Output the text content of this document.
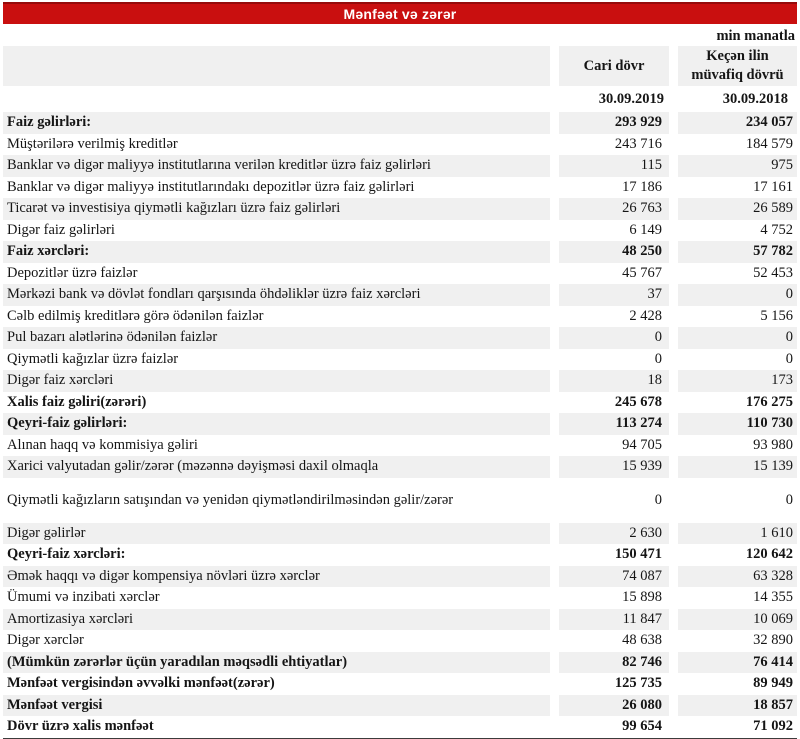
Mənfəət və zərər
min manatla
Cari dövr
Keçən ilin müvafiq dövrü
30.09.2019	30.09.2018
Faiz gəlirləri:	293 929	234 057
Müştərilərə verilmiş kreditlər	243 716	184 579
Banklar və digər maliyyə institutlarına verilən kreditlər üzrə faiz gəlirləri	115	975
Banklar və digər maliyyə institutlarındakı depozitlər üzrə faiz gəlirləri	17 186	17 161
Ticarət və investisiya qiymətli kağızları üzrə faiz gəlirləri	26 763	26 589
Digər faiz gəlirləri	6 149	4 752
Faiz xərcləri:	48 250	57 782
Depozitlər üzrə faizlər	45 767	52 453
Mərkəzi bank və dövlət fondları qarşısında öhdəliklər üzrə faiz xərcləri	37	0
Cəlb edilmiş kreditlərə görə ödənilən faizlər	2 428	5 156
Pul bazarı alətlərinə ödənilən faizlər	0	0
Qiymətli kağızlar üzrə faizlər	0	0
Digər faiz xərcləri	18	173
Xalis faiz gəliri(zərəri)	245 678	176 275
Qeyri-faiz gəlirləri:	113 274	110 730
Alınan haqq və kommisiya gəliri	94 705	93 980
Xarici valyutadan gəlir/zərər (məzənnə dəyişməsi daxil olmaqla	15 939	15 139
Qiymətli kağızların satışından və yenidən qiymətləndirilməsindən gəlir/zərər	0	0
Digər gəlirlər	2 630	1 610
Qeyri-faiz xərcləri:	150 471	120 642
Əmək haqqı və digər kompensiya növləri üzrə xərclər	74 087	63 328
Ümumi və inzibati xərclər	15 898	14 355
Amortizasiya xərcləri	11 847	10 069
Digər xərclər	48 638	32 890
(Mümkün zərərlər üçün yaradılan məqsədli ehtiyatlar)	82 746	76 414
Mənfəət vergisindən əvvəlki mənfəət(zərər)	125 735	89 949
Mənfəət vergisi	26 080	18 857
Dövr üzrə xalis mənfəət	99 654	71 092
